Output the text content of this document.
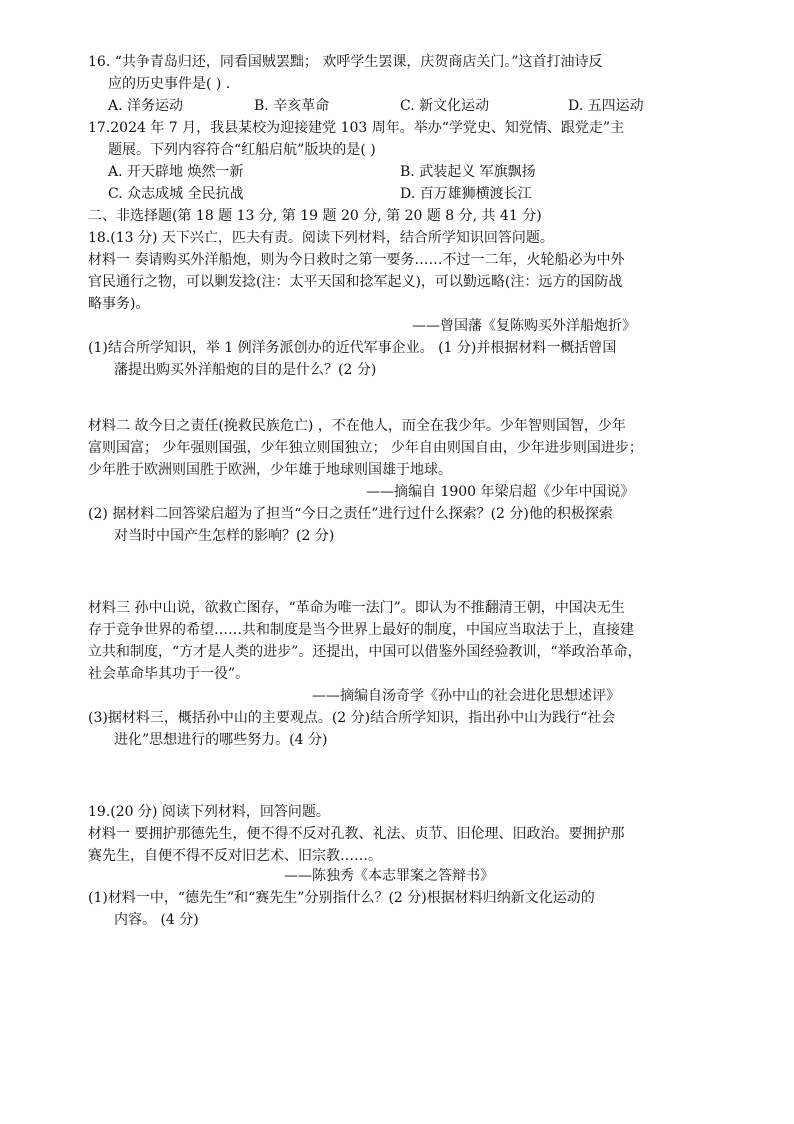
16. “共争青岛归还，同看国贼罢黜； 欢呼学生罢课，庆贺商店关门。”这首打油诗反
应的历史事件是( ) .
A. 洋务运动	B. 辛亥革命	C. 新文化运动	D. 五四运动
17.2024 年 7 月，我县某校为迎接建党 103 周年。举办“学党史、知党情、跟党走”主
题展。下列内容符合“红船启航”版块的是( )
A. 开天辟地 焕然一新	B. 武装起义 军旗飘扬
C. 众志成城 全民抗战	D. 百万雄狮横渡长江
二、非选择题(第 18 题 13 分, 第 19 题 20 分, 第 20 题 8 分, 共 41 分)
18.(13 分) 天下兴亡，匹夫有责。阅读下列材料，结合所学知识回答问题。
材料一 奏请购买外洋船炮，则为今日救时之第一要务……不过一二年，火轮船必为中外
官民通行之物，可以剿发捻(注：太平天国和捻军起义)，可以勤远略(注：远方的国防战
略事务)。
——曾国藩《复陈购买外洋船炮折》
(1)结合所学知识，举 1 例洋务派创办的近代军事企业。 (1 分)并根据材料一概括曾国
藩提出购买外洋船炮的目的是什么？(2 分)
材料二 故今日之责任(挽救民族危亡) ，不在他人，而全在我少年。少年智则国智，少年
富则国富； 少年强则国强，少年独立则国独立； 少年自由则国自由，少年进步则国进步；
少年胜于欧洲则国胜于欧洲，少年雄于地球则国雄于地球。
——摘编自 1900 年梁启超《少年中国说》
(2) 据材料二回答梁启超为了担当“今日之责任”进行过什么探索？(2 分)他的积极探索
对当时中国产生怎样的影响？(2 分)
材料三 孙中山说，欲救亡图存，“革命为唯一法门”。即认为不推翻清王朝，中国决无生
存于竞争世界的希望……共和制度是当今世界上最好的制度，中国应当取法于上，直接建
立共和制度，“方才是人类的进步”。还提出，中国可以借鉴外国经验教训，“举政治革命，
社会革命毕其功于一役”。
——摘编自汤奇学《孙中山的社会进化思想述评》
(3)据材料三，概括孙中山的主要观点。(2 分)结合所学知识，指出孙中山为践行“社会
进化”思想进行的哪些努力。(4 分)
19.(20 分) 阅读下列材料，回答问题。
材料一 要拥护那德先生，便不得不反对孔教、礼法、贞节、旧伦理、旧政治。要拥护那
赛先生，自便不得不反对旧艺术、旧宗教……。
——陈独秀《本志罪案之答辩书》
(1)材料一中，“德先生”和“赛先生”分别指什么？(2 分)根据材料归纳新文化运动的
内容。 (4 分)
